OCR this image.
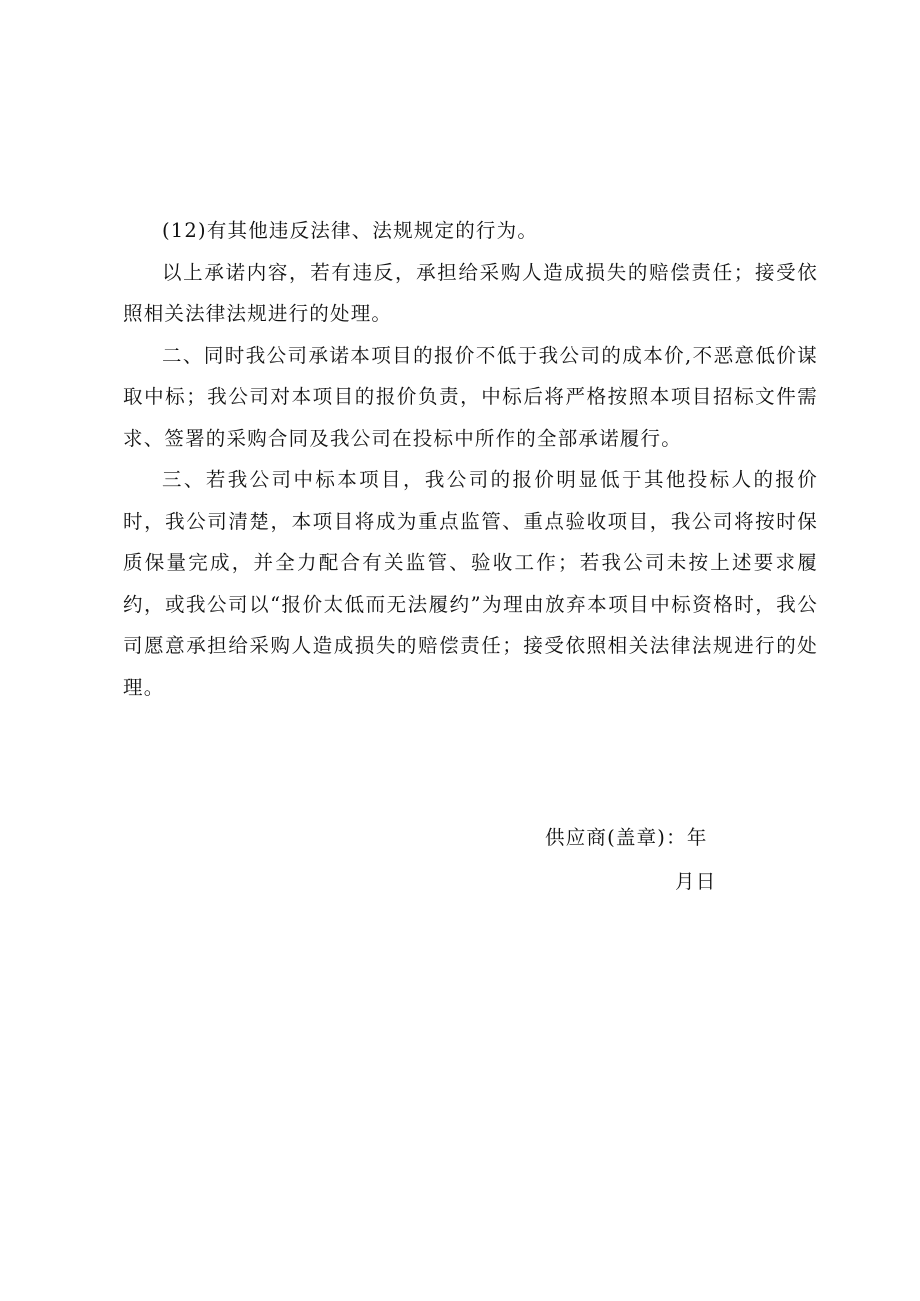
(12)有其他违反法律、法规规定的行为。

以上承诺内容，若有违反，承担给采购人造成损失的赔偿责任；接受依照相关法律法规进行的处理。

二、同时我公司承诺本项目的报价不低于我公司的成本价,不恶意低价谋取中标；我公司对本项目的报价负责，中标后将严格按照本项目招标文件需求、签署的采购合同及我公司在投标中所作的全部承诺履行。

三、若我公司中标本项目，我公司的报价明显低于其他投标人的报价时，我公司清楚，本项目将成为重点监管、重点验收项目，我公司将按时保质保量完成，并全力配合有关监管、验收工作；若我公司未按上述要求履约，或我公司以“报价太低而无法履约”为理由放弃本项目中标资格时，我公司愿意承担给采购人造成损失的赔偿责任；接受依照相关法律法规进行的处理。

供应商(盖章)：年
月日
